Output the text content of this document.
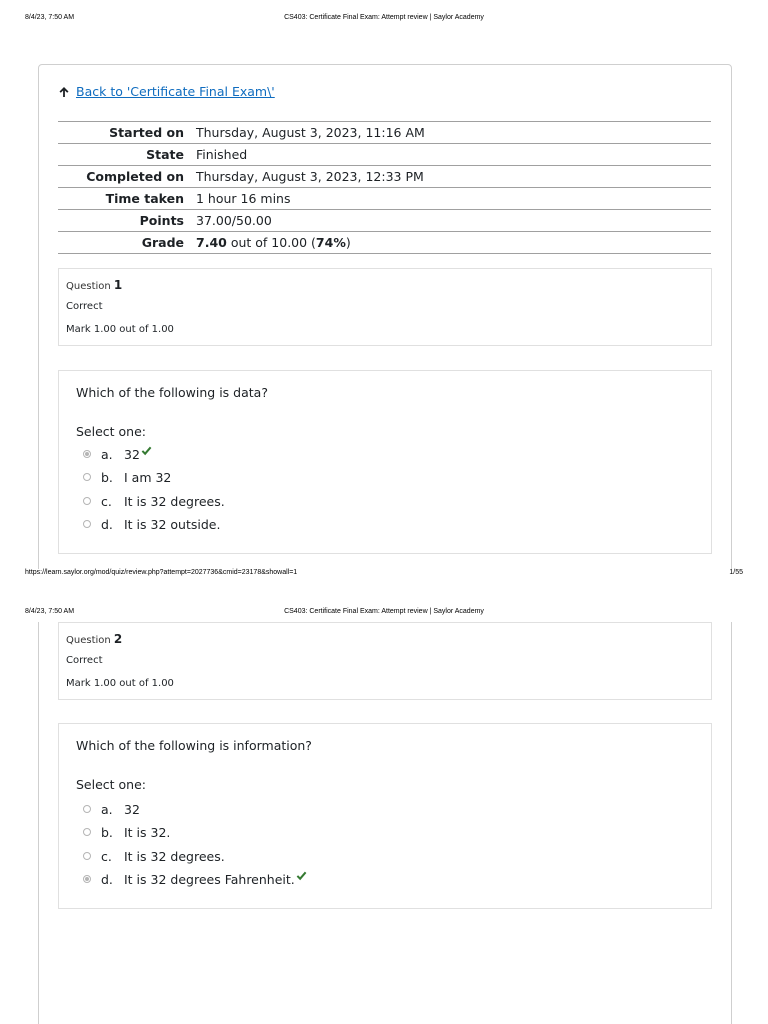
8/4/23, 7:50 AM	CS403: Certificate Final Exam: Attempt review | Saylor Academy
Back to 'Certificate Final Exam\'
Started on	Thursday, August 3, 2023, 11:16 AM
State	Finished
Completed on	Thursday, August 3, 2023, 12:33 PM
Time taken	1 hour 16 mins
Points	37.00/50.00
Grade	7.40 out of 10.00 (74%)
Question 1
Correct
Mark 1.00 out of 1.00
Which of the following is data?
Select one:
a. 32
b. I am 32
c. It is 32 degrees.
d. It is 32 outside.
https://learn.saylor.org/mod/quiz/review.php?attempt=2027736&cmid=23178&showall=1	1/55
8/4/23, 7:50 AM	CS403: Certificate Final Exam: Attempt review | Saylor Academy
Question 2
Correct
Mark 1.00 out of 1.00
Which of the following is information?
Select one:
a. 32
b. It is 32.
c. It is 32 degrees.
d. It is 32 degrees Fahrenheit.
